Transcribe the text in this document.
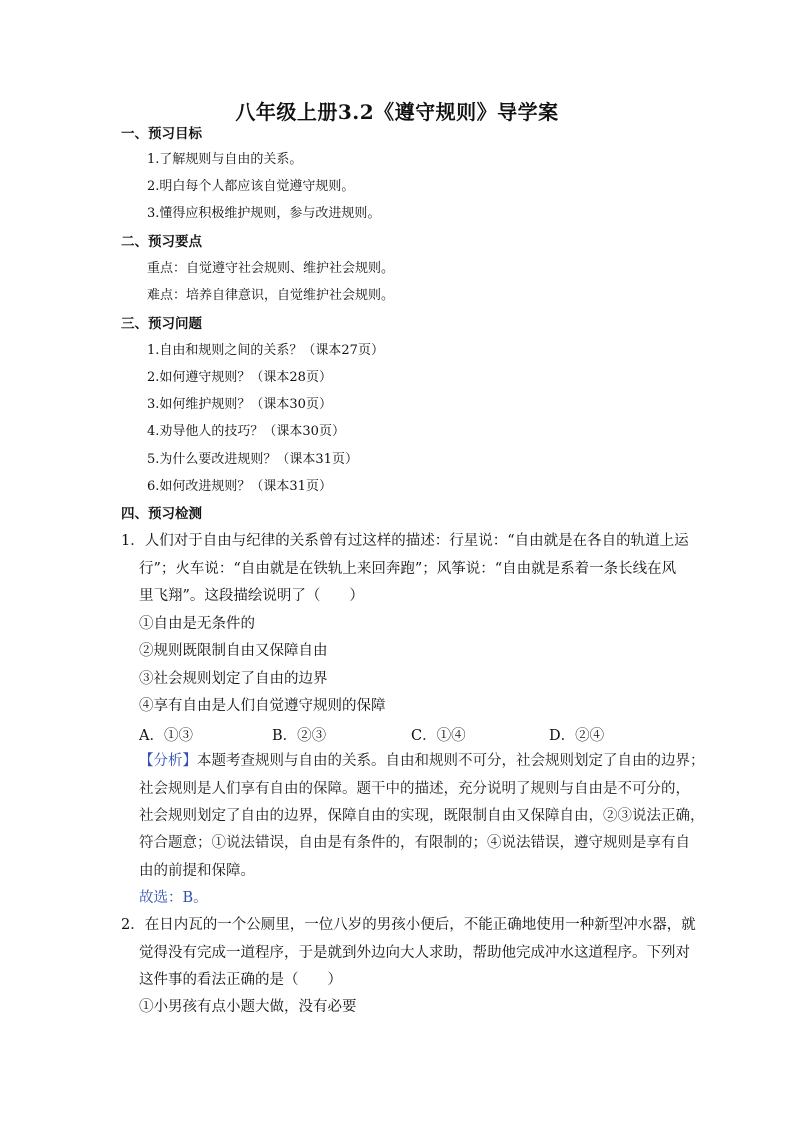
八年级上册3.2《遵守规则》导学案
一、预习目标
1.了解规则与自由的关系。
2.明白每个人都应该自觉遵守规则。
3.懂得应积极维护规则，参与改进规则。
二、预习要点
重点：自觉遵守社会规则、维护社会规则。
难点：培养自律意识，自觉维护社会规则。
三、预习问题
1.自由和规则之间的关系？（课本27页）
2.如何遵守规则？（课本28页）
3.如何维护规则？（课本30页）
4.劝导他人的技巧？（课本30页）
5.为什么要改进规则？（课本31页）
6.如何改进规则？（课本31页）
四、预习检测
1．人们对于自由与纪律的关系曾有过这样的描述：行星说：“自由就是在各自的轨道上运
行”；火车说：“自由就是在铁轨上来回奔跑”；风筝说：“自由就是系着一条长线在风
里飞翔”。这段描绘说明了（　　）
①自由是无条件的
②规则既限制自由又保障自由
③社会规则划定了自由的边界
④享有自由是人们自觉遵守规则的保障
A．①③	B．②③	C．①④	D．②④
【分析】本题考查规则与自由的关系。自由和规则不可分，社会规则划定了自由的边界；
社会规则是人们享有自由的保障。题干中的描述，充分说明了规则与自由是不可分的，
社会规则划定了自由的边界，保障自由的实现，既限制自由又保障自由，②③说法正确，
符合题意；①说法错误，自由是有条件的，有限制的；④说法错误，遵守规则是享有自
由的前提和保障。
故选：B。
2．在日内瓦的一个公厕里，一位八岁的男孩小便后，不能正确地使用一种新型冲水器，就
觉得没有完成一道程序，于是就到外边向大人求助，帮助他完成冲水这道程序。下列对
这件事的看法正确的是（　　）
①小男孩有点小题大做，没有必要
